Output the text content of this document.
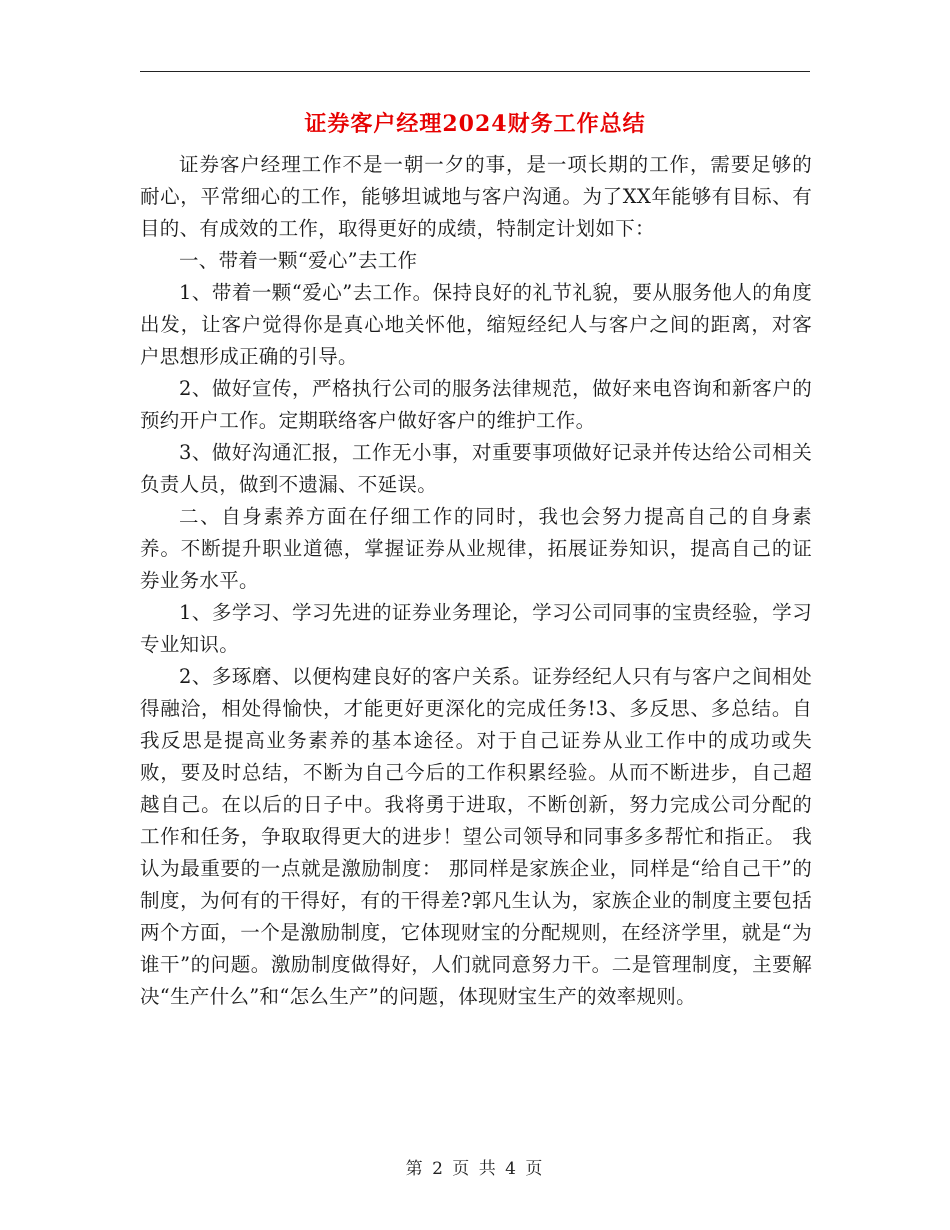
证券客户经理2024财务工作总结

证券客户经理工作不是一朝一夕的事，是一项长期的工作，需要足够的耐心，平常细心的工作，能够坦诚地与客户沟通。为了XX年能够有目标、有目的、有成效的工作，取得更好的成绩，特制定计划如下：

一、带着一颗“爱心”去工作

1、带着一颗“爱心”去工作。保持良好的礼节礼貌，要从服务他人的角度出发，让客户觉得你是真心地关怀他，缩短经纪人与客户之间的距离，对客户思想形成正确的引导。

2、做好宣传，严格执行公司的服务法律规范，做好来电咨询和新客户的预约开户工作。定期联络客户做好客户的维护工作。

3、做好沟通汇报，工作无小事，对重要事项做好记录并传达给公司相关负责人员，做到不遗漏、不延误。

二、自身素养方面在仔细工作的同时，我也会努力提高自己的自身素养。不断提升职业道德，掌握证券从业规律，拓展证券知识，提高自己的证券业务水平。

1、多学习、学习先进的证券业务理论，学习公司同事的宝贵经验，学习专业知识。

2、多琢磨、以便构建良好的客户关系。证券经纪人只有与客户之间相处得融洽，相处得愉快，才能更好更深化的完成任务!3、多反思、多总结。自我反思是提高业务素养的基本途径。对于自己证券从业工作中的成功或失败，要及时总结，不断为自己今后的工作积累经验。从而不断进步，自己超越自己。在以后的日子中。我将勇于进取，不断创新，努力完成公司分配的工作和任务，争取取得更大的进步！望公司领导和同事多多帮忙和指正。 我认为最重要的一点就是激励制度： 那同样是家族企业，同样是“给自己干”的制度，为何有的干得好，有的干得差?郭凡生认为，家族企业的制度主要包括两个方面，一个是激励制度，它体现财宝的分配规则，在经济学里，就是“为谁干”的问题。激励制度做得好，人们就同意努力干。二是管理制度，主要解决“生产什么”和“怎么生产”的问题，体现财宝生产的效率规则。

第 2 页 共 4 页
